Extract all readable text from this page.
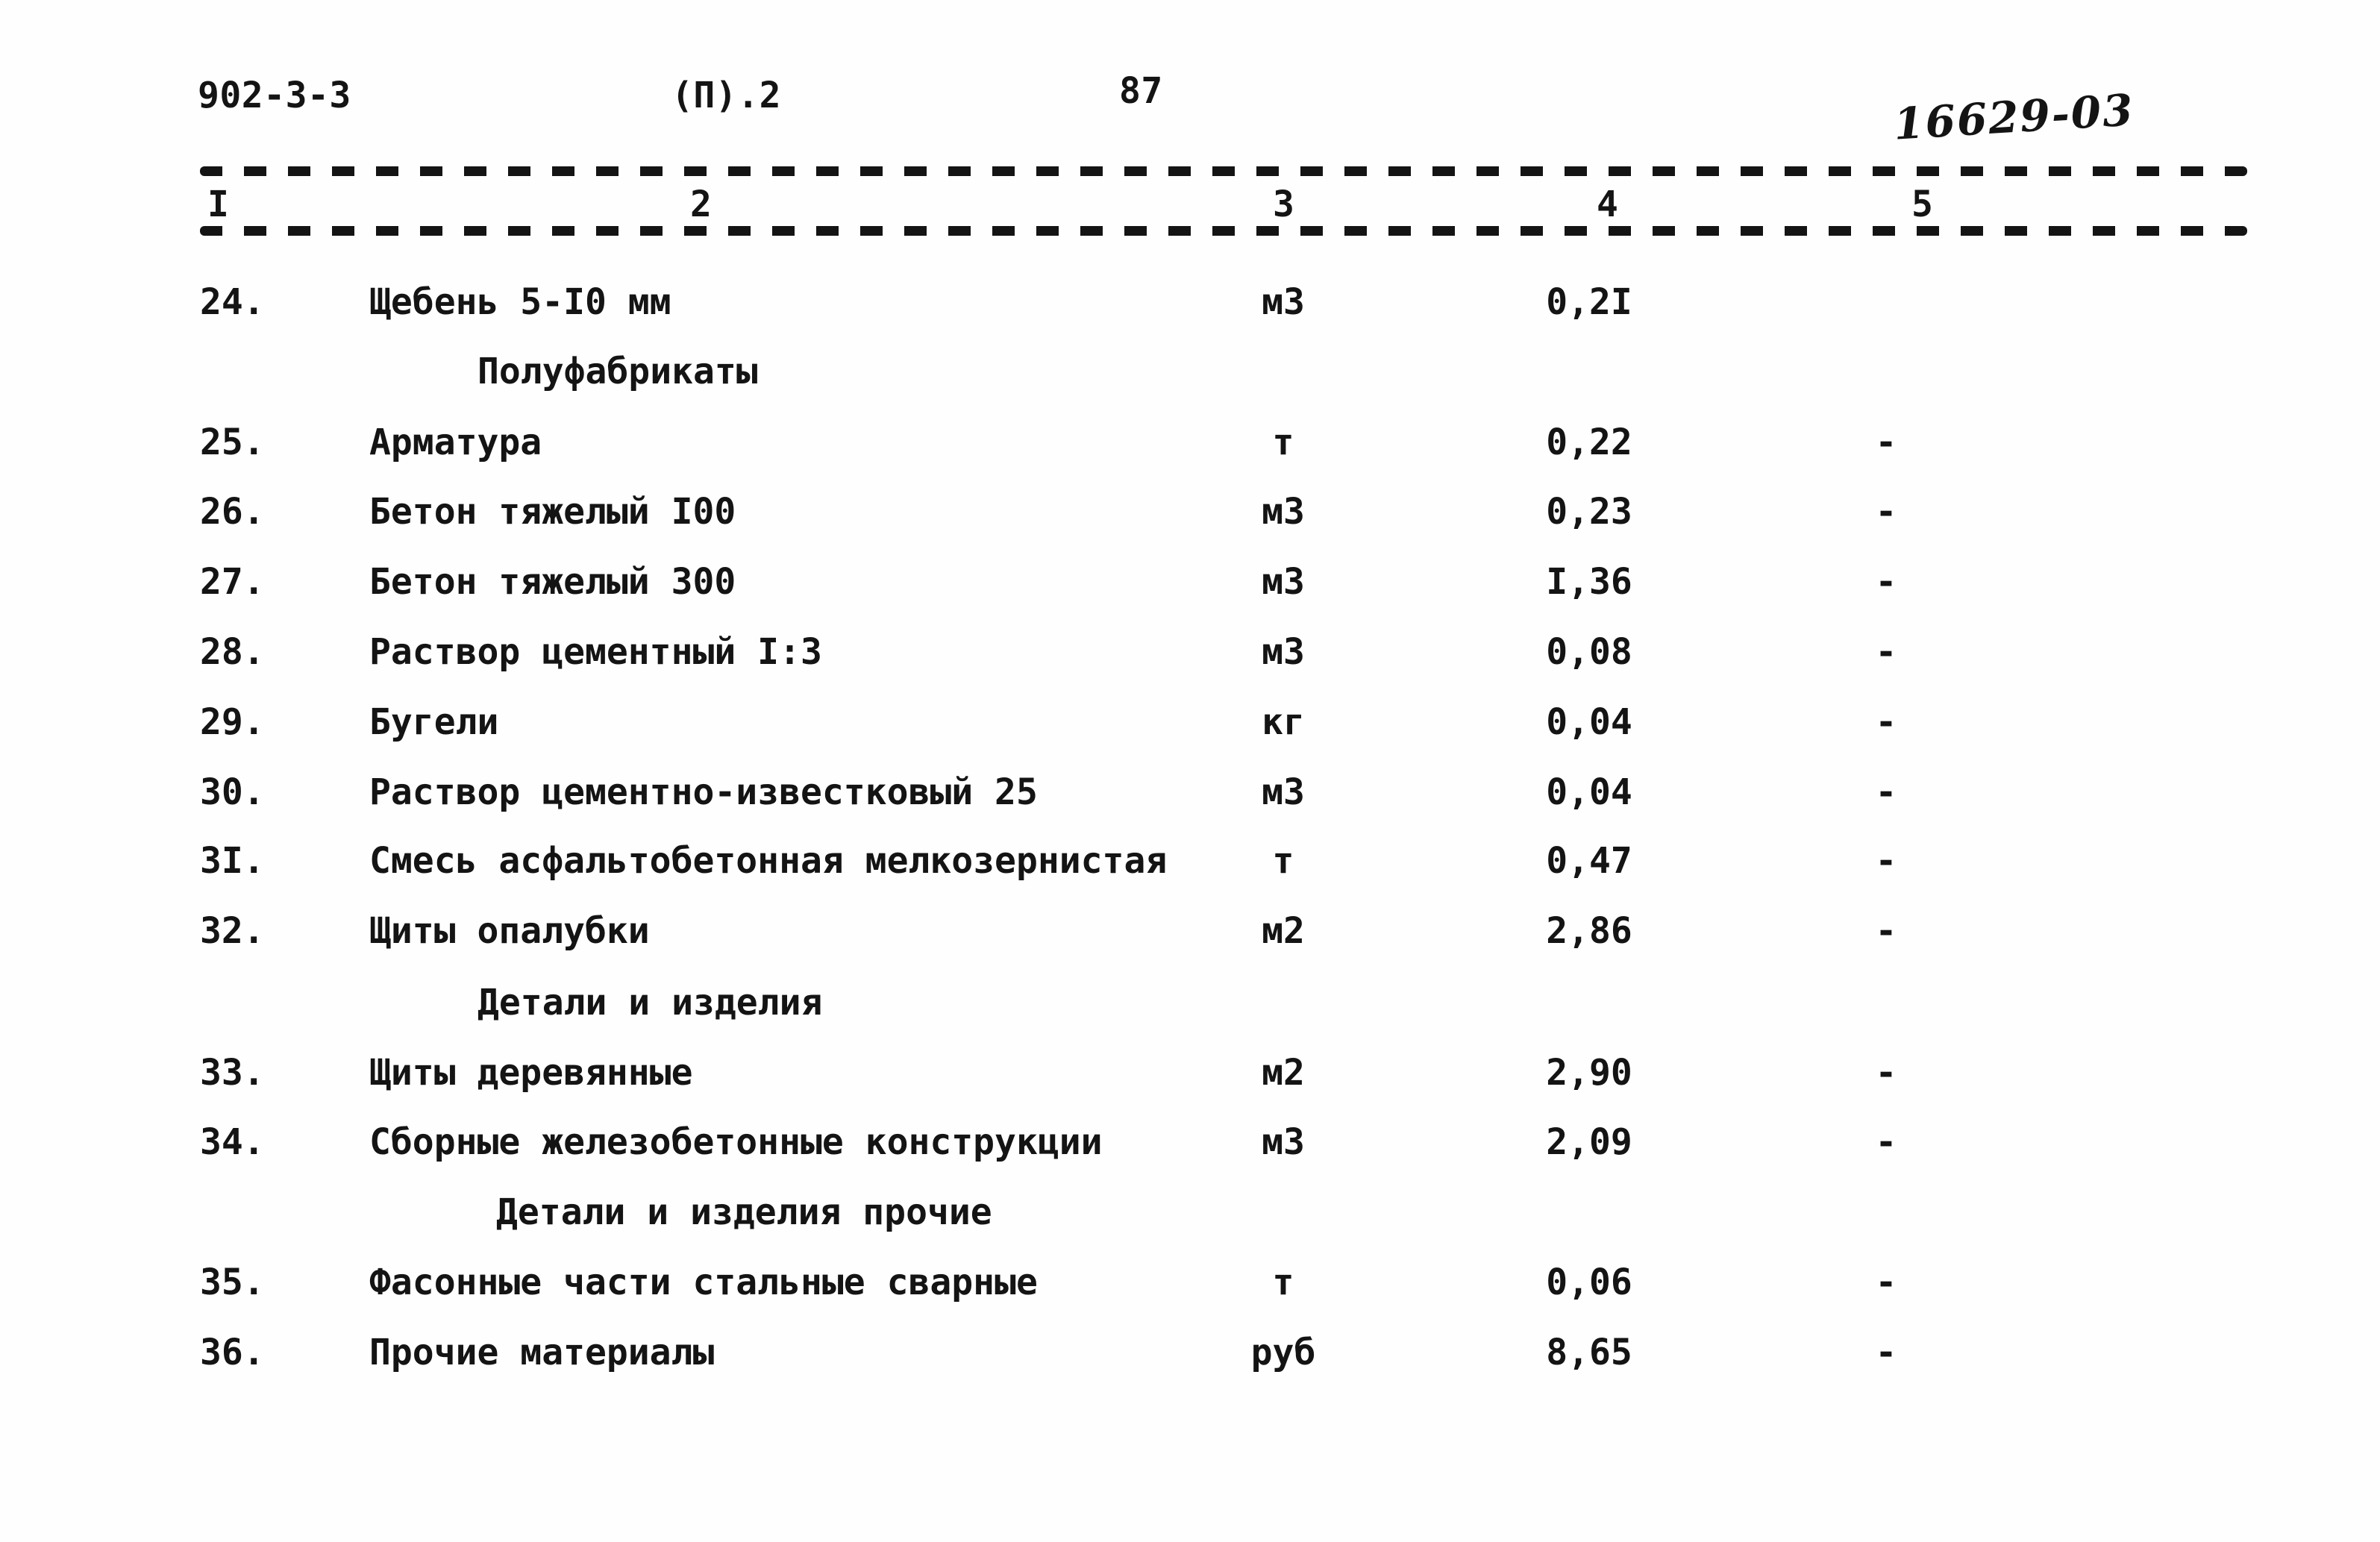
902-3-3	(П).2	87	16629-03
I	2	3	4	5
24.	Щебень 5-I0 мм	м3	0,2I
Полуфабрикаты
25.	Арматура	т	0,22	-
26.	Бетон тяжелый I00	м3	0,23	-
27.	Бетон тяжелый 300	м3	I,36	-
28.	Раствор цементный I:3	м3	0,08	-
29.	Бугели	кг	0,04	-
30.	Раствор цементно-известковый 25	м3	0,04	-
3I.	Смесь асфальтобетонная мелкозернистая	т	0,47	-
32.	Щиты опалубки	м2	2,86	-
Детали и изделия
33.	Щиты деревянные	м2	2,90	-
34.	Сборные железобетонные конструкции	м3	2,09	-
Детали и изделия прочие
35.	Фасонные части стальные сварные	т	0,06	-
36.	Прочие материалы	руб	8,65	-
